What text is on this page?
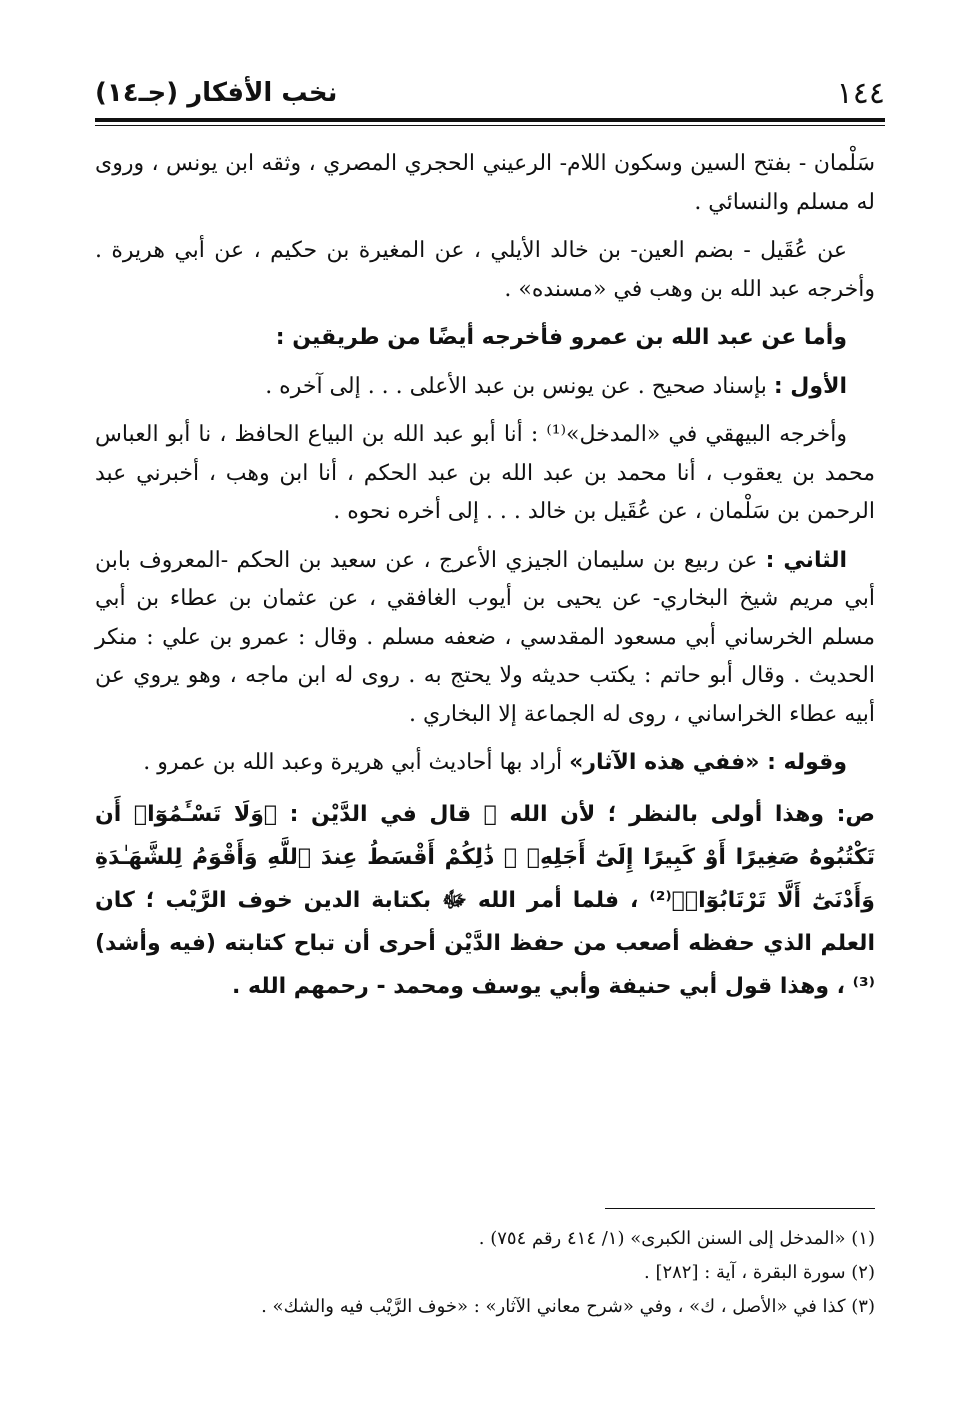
١٤٤
نخب الأفكار (جـ١٤)

سَلْمان - بفتح السين وسكون اللام- الرعيني الحجري المصري ، وثقه ابن يونس ، وروى له مسلم والنسائي .

عن عُقَيل - بضم العين- بن خالد الأيلي ، عن المغيرة بن حكيم ، عن أبي هريرة . وأخرجه عبد الله بن وهب في «مسنده» .

وأما عن عبد الله بن عمرو فأخرجه أيضًا من طريقين :

الأول : بإسناد صحيح . عن يونس بن عبد الأعلى . . . إلى آخره .

وأخرجه البيهقي في «المدخل»⁽¹⁾ : أنا أبو عبد الله بن البياع الحافظ ، نا أبو العباس محمد بن يعقوب ، أنا محمد بن عبد الله بن عبد الحكم ، أنا ابن وهب ، أخبرني عبد الرحمن بن سَلْمان ، عن عُقَيل بن خالد . . . إلى أخره نحوه .

الثاني : عن ربيع بن سليمان الجيزي الأعرج ، عن سعيد بن الحكم -المعروف بابن أبي مريم شيخ البخاري- عن يحيى بن أيوب الغافقي ، عن عثمان بن عطاء بن أبي مسلم الخرساني أبي مسعود المقدسي ، ضعفه مسلم . وقال : عمرو بن علي : منكر الحديث . وقال أبو حاتم : يكتب حديثه ولا يحتج به . روى له ابن ماجه ، وهو يروي عن أبيه عطاء الخراساني ، روى له الجماعة إلا البخاري .

وقوله : «ففي هذه الآثار» أراد بها أحاديث أبي هريرة وعبد الله بن عمرو .

ص: وهذا أولى بالنظر ؛ لأن الله ﷻ قال في الدَّيْن : ﴿وَلَا تَسْـَٔمُوٓا۟ أَن تَكْتُبُوهُ صَغِيرًا أَوْ كَبِيرًا إِلَىٰٓ أَجَلِهِۦ ۚ ذَٰلِكُمْ أَقْسَطُ عِندَ ٱللَّهِ وَأَقْوَمُ لِلشَّهَـٰدَةِ وَأَدْنَىٰٓ أَلَّا تَرْتَابُوٓا۟﴾⁽²⁾ ، فلما أمر الله ﷻ بكتابة الدين خوف الرَّيْب ؛ كان العلم الذي حفظه أصعب من حفظ الدَّيْن أحرى أن تباح كتابته (فيه وأشد)⁽³⁾ ، وهذا قول أبي حنيفة وأبي يوسف ومحمد - رحمهم الله .

(١) «المدخل إلى السنن الكبرى» (١/ ٤١٤ رقم ٧٥٤) .
(٢) سورة البقرة ، آية : [٢٨٢] .
(٣) كذا في «الأصل ، ك» ، وفي «شرح معاني الآثار» : «خوف الرَّيْب فيه والشك» .
